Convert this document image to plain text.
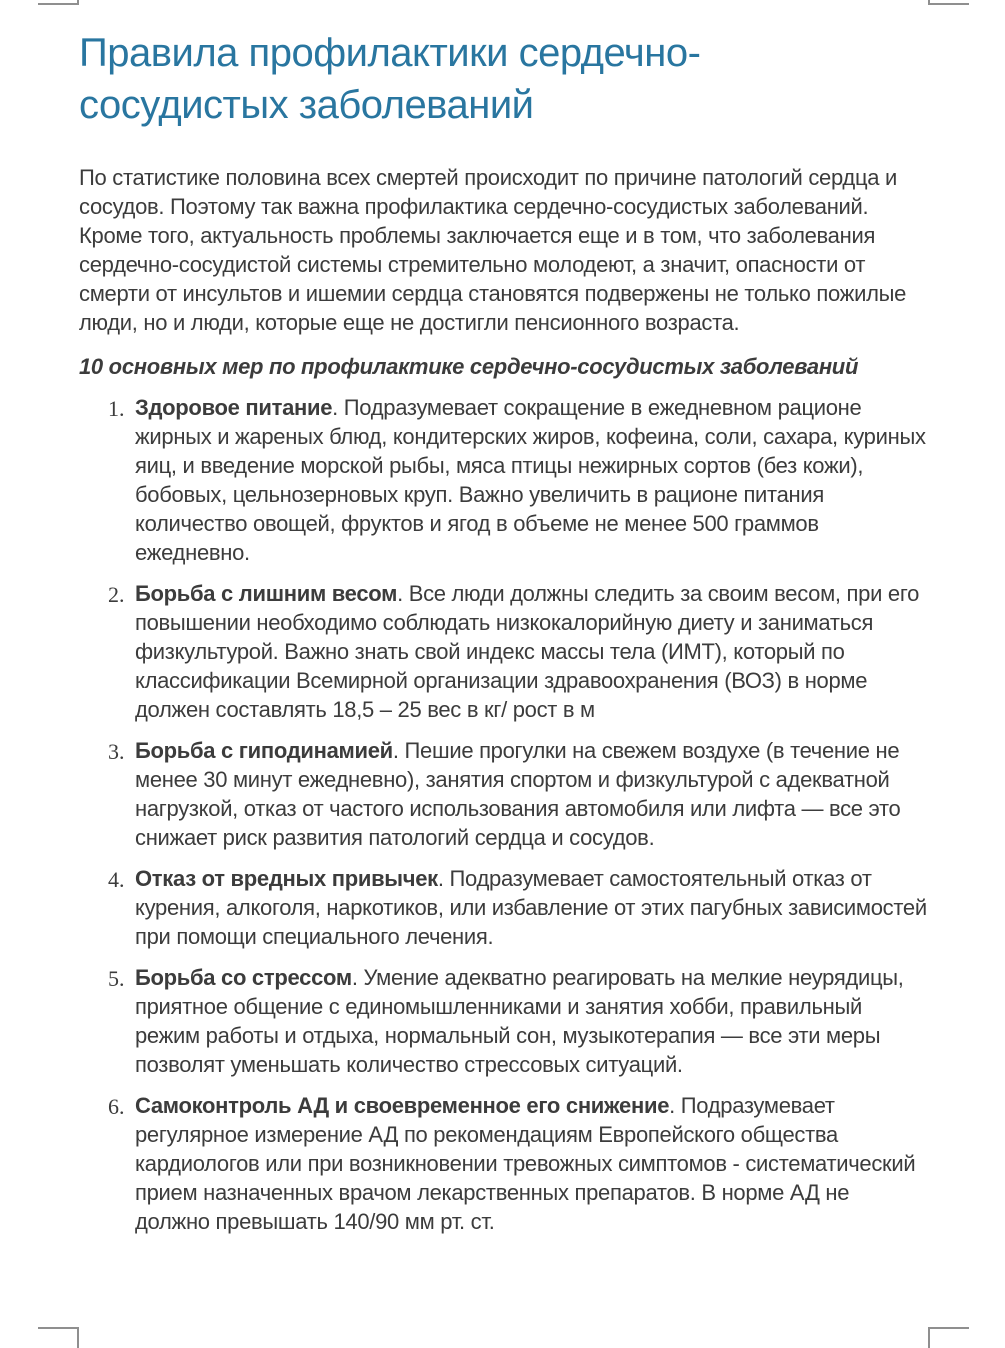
Правила профилактики сердечно-сосудистых заболеваний

По статистике половина всех смертей происходит по причине патологий сердца и сосудов. Поэтому так важна профилактика сердечно-сосудистых заболеваний. Кроме того, актуальность проблемы заключается еще и в том, что заболевания сердечно-сосудистой системы стремительно молодеют, а значит, опасности от смерти от инсультов и ишемии сердца становятся подвержены не только пожилые люди, но и люди, которые еще не достигли пенсионного возраста.

10 основных мер по профилактике сердечно-сосудистых заболеваний

1. Здоровое питание. Подразумевает сокращение в ежедневном рационе жирных и жареных блюд, кондитерских жиров, кофеина, соли, сахара, куриных яиц, и введение морской рыбы, мяса птицы нежирных сортов (без кожи), бобовых, цельнозерновых круп. Важно увеличить в рационе питания количество овощей, фруктов и ягод в объеме не менее 500 граммов ежедневно.
2. Борьба с лишним весом. Все люди должны следить за своим весом, при его повышении необходимо соблюдать низкокалорийную диету и заниматься физкультурой. Важно знать свой индекс массы тела (ИМТ), который по классификации Всемирной организации здравоохранения (ВОЗ) в норме должен составлять 18,5 – 25 вес в кг/ рост в м
3. Борьба с гиподинамией. Пешие прогулки на свежем воздухе (в течение не менее 30 минут ежедневно), занятия спортом и физкультурой с адекватной нагрузкой, отказ от частого использования автомобиля или лифта — все это снижает риск развития патологий сердца и сосудов.
4. Отказ от вредных привычек. Подразумевает самостоятельный отказ от курения, алкоголя, наркотиков, или избавление от этих пагубных зависимостей при помощи специального лечения.
5. Борьба со стрессом. Умение адекватно реагировать на мелкие неурядицы, приятное общение с единомышленниками и занятия хобби, правильный режим работы и отдыха, нормальный сон, музыкотерапия — все эти меры позволят уменьшать количество стрессовых ситуаций.
6. Самоконтроль АД и своевременное его снижение. Подразумевает регулярное измерение АД по рекомендациям Европейского общества кардиологов или при возникновении тревожных симптомов - систематический прием назначенных врачом лекарственных препаратов. В норме АД не должно превышать 140/90 мм рт. ст.
